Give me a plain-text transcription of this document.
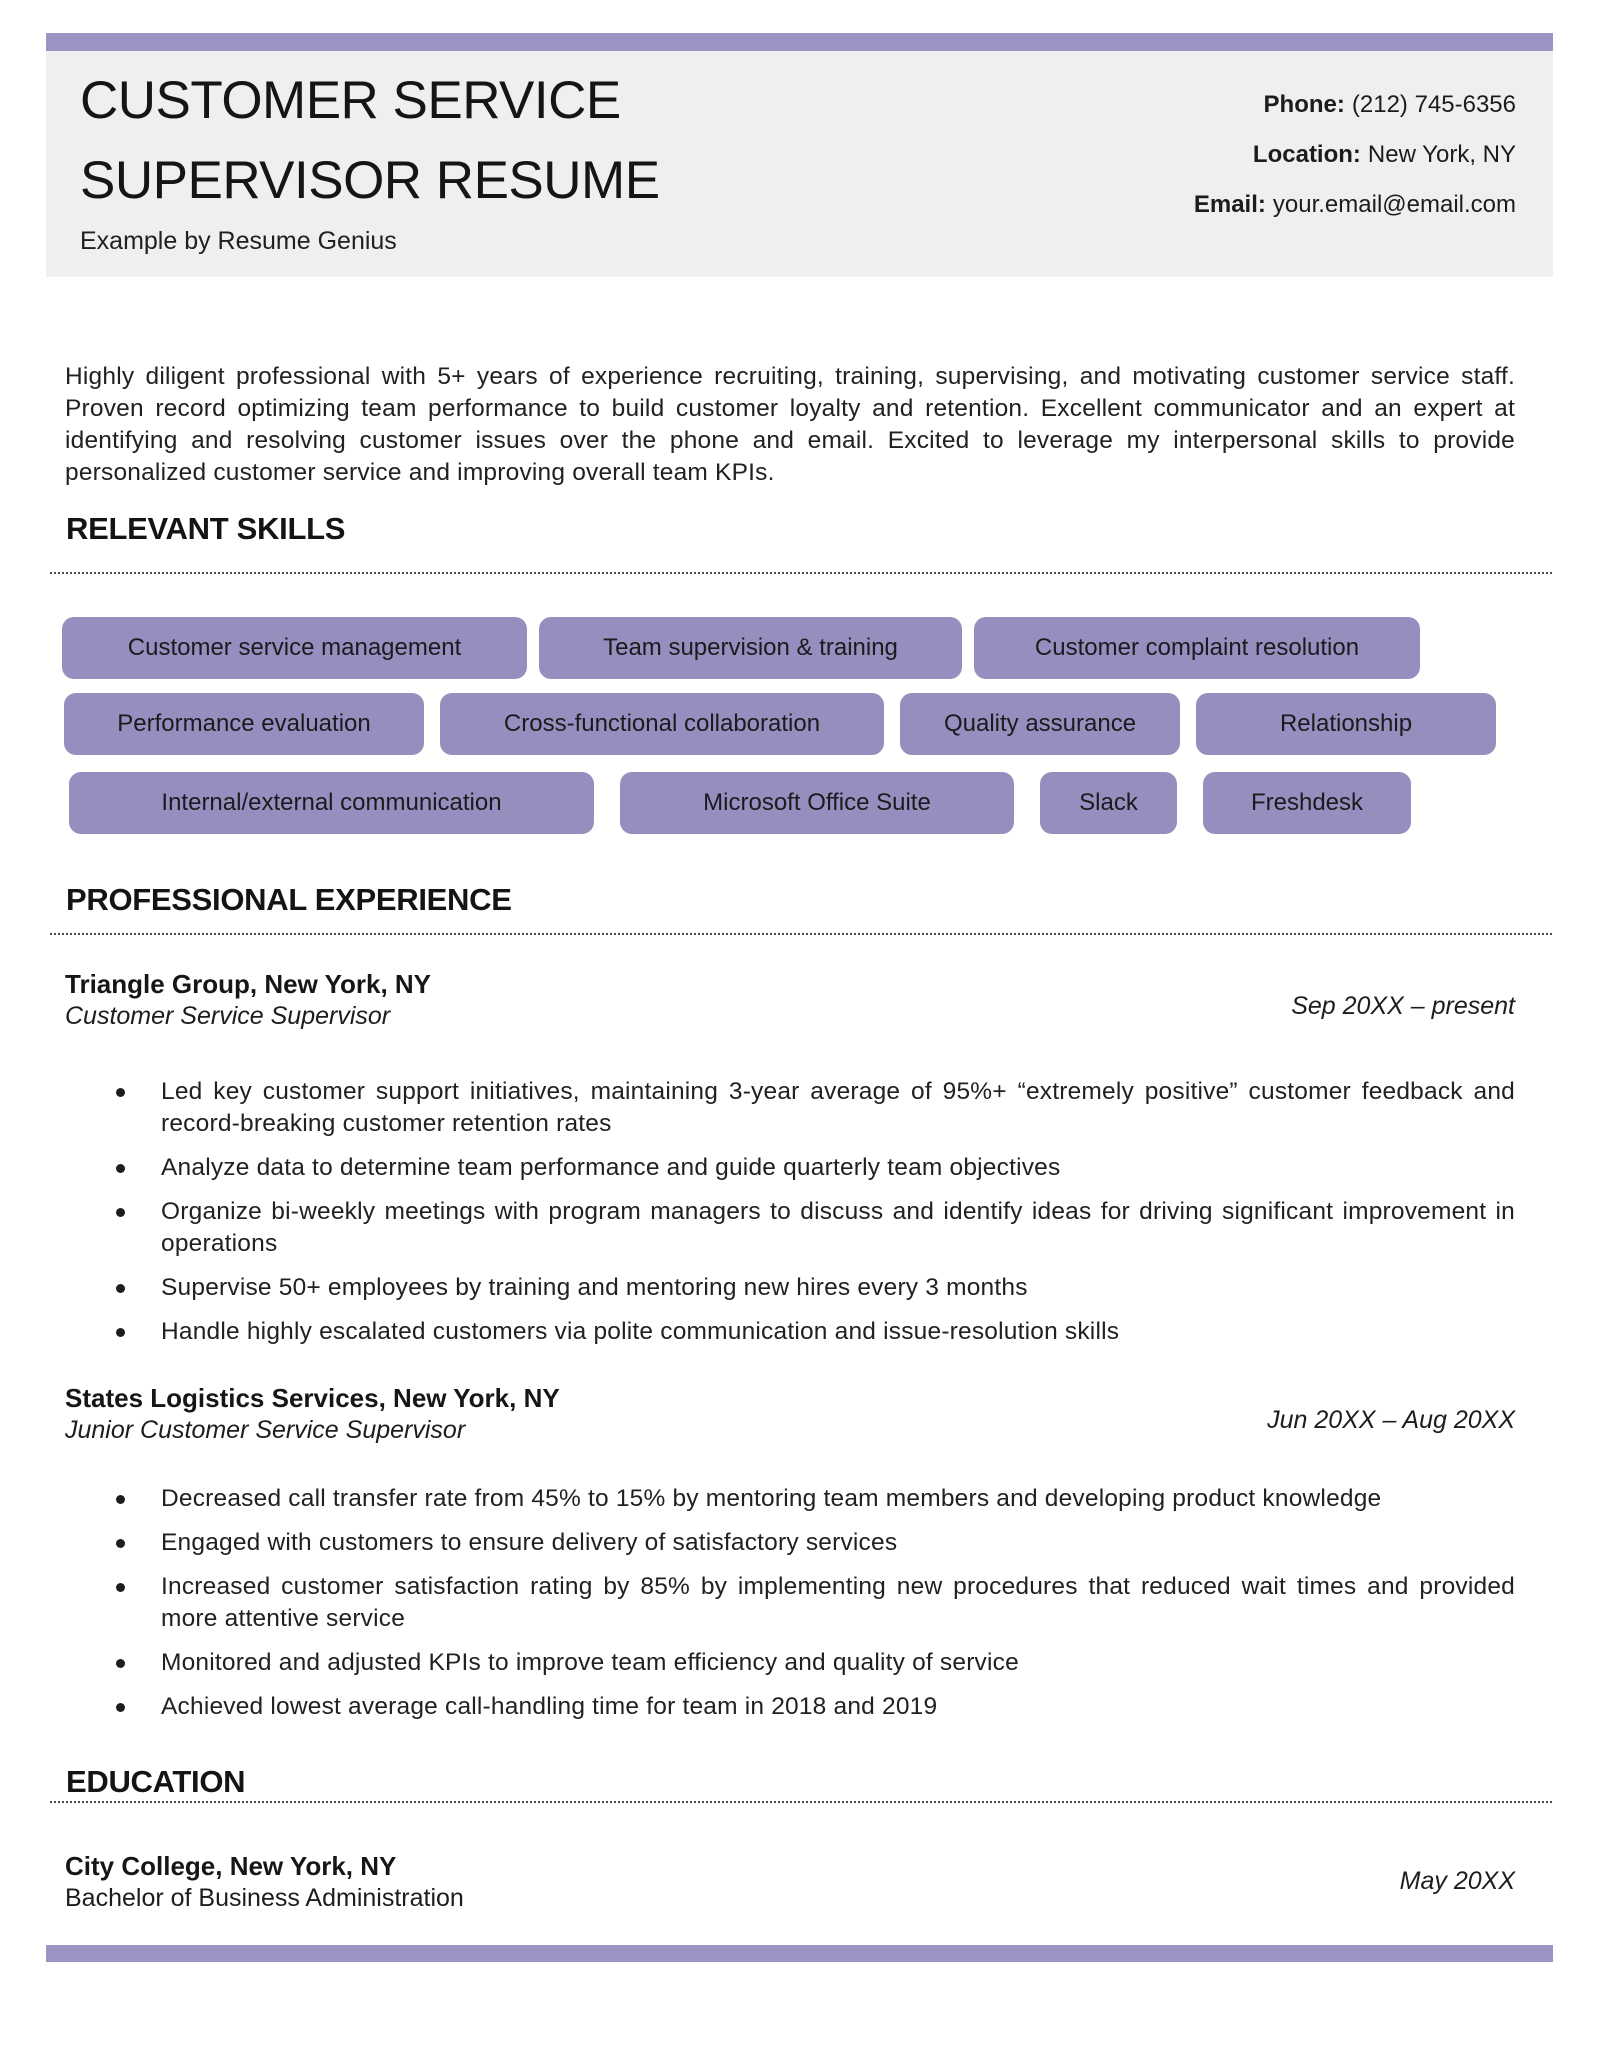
CUSTOMER SERVICE
SUPERVISOR RESUME
Example by Resume Genius
Phone: (212) 745-6356
Location: New York, NY
Email: your.email@email.com

Highly diligent professional with 5+ years of experience recruiting, training, supervising, and motivating customer service staff. Proven record optimizing team performance to build customer loyalty and retention. Excellent communicator and an expert at identifying and resolving customer issues over the phone and email. Excited to leverage my interpersonal skills to provide personalized customer service and improving overall team KPIs.

RELEVANT SKILLS
Customer service management	Team supervision & training	Customer complaint resolution
Performance evaluation	Cross-functional collaboration	Quality assurance	Relationship
Internal/external communication	Microsoft Office Suite	Slack	Freshdesk
PROFESSIONAL EXPERIENCE
Triangle Group, New York, NY
Customer Service Supervisor	Sep 20XX – present
Led key customer support initiatives, maintaining 3-year average of 95%+ “extremely positive” customer feedback and record-breaking customer retention rates
Analyze data to determine team performance and guide quarterly team objectives
Organize bi-weekly meetings with program managers to discuss and identify ideas for driving significant improvement in operations
Supervise 50+ employees by training and mentoring new hires every 3 months
Handle highly escalated customers via polite communication and issue-resolution skills
States Logistics Services, New York, NY
Junior Customer Service Supervisor	Jun 20XX – Aug 20XX
Decreased call transfer rate from 45% to 15% by mentoring team members and developing product knowledge
Engaged with customers to ensure delivery of satisfactory services
Increased customer satisfaction rating by 85% by implementing new procedures that reduced wait times and provided more attentive service
Monitored and adjusted KPIs to improve team efficiency and quality of service
Achieved lowest average call-handling time for team in 2018 and 2019
EDUCATION
City College, New York, NY
Bachelor of Business Administration
May 20XX
